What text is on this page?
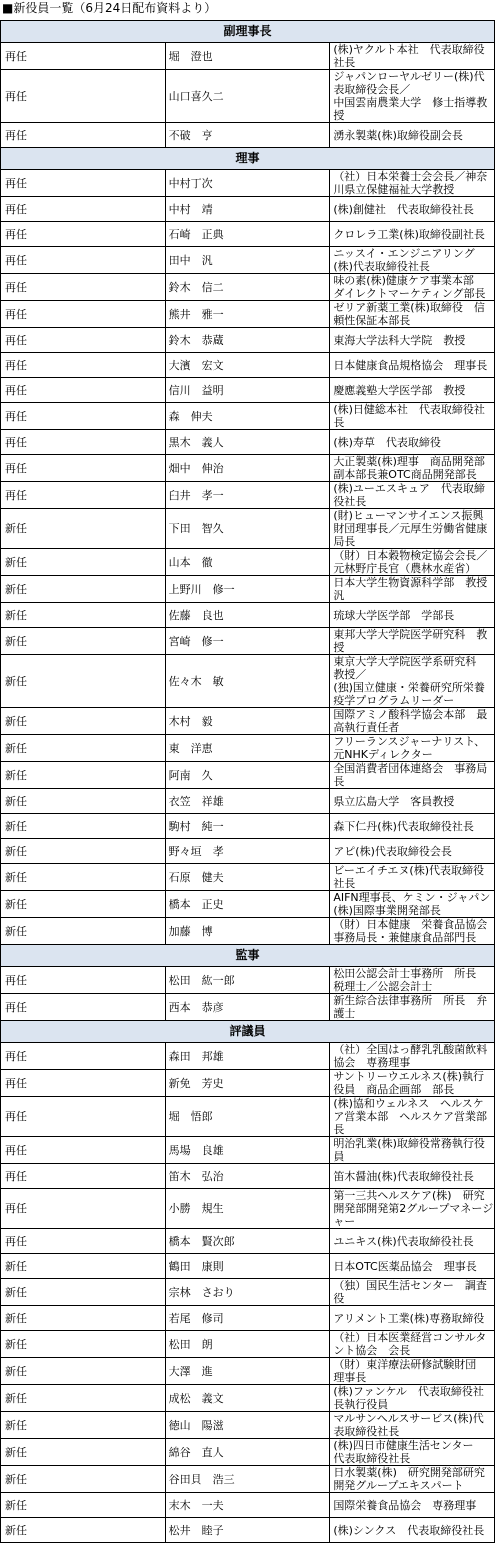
■新役員一覧（6月24日配布資料より）
副理事長		
再任	堀　澄也	(株)ヤクルト本社　代表取締役社長
再任	山口喜久二	ジャパンローヤルゼリー(株)代表取締役会長／
中国雲南農業大学　修士指導教授
再任	不破　亨	湧永製薬(株)取締役副会長
理事		
再任	中村丁次	（社）日本栄養士会会長／神奈川県立保健福祉大学教授
再任	中村　靖	(株)創健社　代表取締役社長
再任	石崎　正典	クロレラ工業(株)取締役副社長
再任	田中　汎	ニッスイ・エンジニアリング(株)代表取締役社長
再任	鈴木　信二	味の素(株)健康ケア事業本部　ダイレクトマーケティング部長
再任	熊井　雅一	ゼリア新薬工業(株)取締役　信頼性保証本部長
再任	鈴木　恭蔵	東海大学法科大学院　教授
再任	大濱　宏文	日本健康食品規格協会　理事長
再任	信川　益明	慶應義塾大学医学部　教授
再任	森　伸夫	(株)日健総本社　代表取締役社長
再任	黒木　義人	(株)寿草　代表取締役
再任	畑中　伸治	大正製薬(株)理事　商品開発部副本部長兼OTC商品開発部長
再任	臼井　孝一	(株)ユーエスキュア　代表取締役社長
新任	下田　智久	(財)ヒューマンサイエンス振興財団理事長／元厚生労働省健康局長
新任	山本　徹	（財）日本穀物検定協会会長／元林野庁長官（農林水産省）
新任	上野川　修一	日本大学生物資源科学部　教授汎
新任	佐藤　良也	琉球大学医学部　学部長
新任	宮崎　修一	東邦大学大学院医学研究科　教授
新任	佐々木　敏	東京大学大学院医学系研究科　教授／
(独)国立健康・栄養研究所栄養疫学プログラムリーダー
新任	木村　毅	国際アミノ酸科学協会本部　最高執行責任者
新任	東　洋恵	フリーランスジャーナリスト、元NHKディレクター
新任	阿南　久	全国消費者団体連絡会　事務局長
新任	衣笠　祥雄	県立広島大学　客員教授
新任	駒村　純一	森下仁丹(株)代表取締役社長
新任	野々垣　孝	アピ(株)代表取締役会長
新任	石原　健夫	ビーエイチエヌ(株)代表取締役社長
新任	橋本　正史	AIFN理事長、ケミン・ジャパン(株)国際事業開発部長
新任	加藤　博	（財）日本健康　栄養食品協会事務局長・兼健康食品部門長
監事		
再任	松田　紘一郎	松田公認会計士事務所　所長　税理士／公認会計士
再任	西本　恭彦	新生綜合法律事務所　所長　弁護士
評議員		
再任	森田　邦雄	（社）全国はっ酵乳乳酸菌飲料協会　専務理事
再任	新免　芳史	サントリーウエルネス(株)執行役員　商品企画部　部長
再任	堀　悟郎	(株)協和ウェルネス　ヘルスケア営業本部　ヘルスケア営業部長
再任	馬場　良雄	明治乳業(株)取締役常務執行役員
再任	笛木　弘治	笛木醤油(株)代表取締役社長
再任	小勝　規生	第一三共ヘルスケア(株)　研究開発部開発第2グループマネージャー
再任	橋本　賢次郎	ユニキス(株)代表取締役社長
新任	鶴田　康則	日本OTC医薬品協会　理事長
新任	宗林　さおり	（独）国民生活センター　調査役
新任	若尾　修司	アリメント工業(株)専務取締役
新任	松田　朗	（社）日本医業経営コンサルタント協会　会長
新任	大澤　進	（財）東洋療法研修試験財団　理事長
新任	成松　義文	(株)ファンケル　代表取締役社長執行役員
新任	徳山　陽滋	マルサンヘルスサービス(株)代表取締役社長
新任	綿谷　直人	(株)四日市健康生活センター　代表取締役社長
新任	谷田貝　浩三	日水製薬(株)　研究開発部研究開発グループエキスパート
新任	末木　一夫	国際栄養食品協会　専務理事
新任	松井　睦子	(株)シンクス　代表取締役社長
